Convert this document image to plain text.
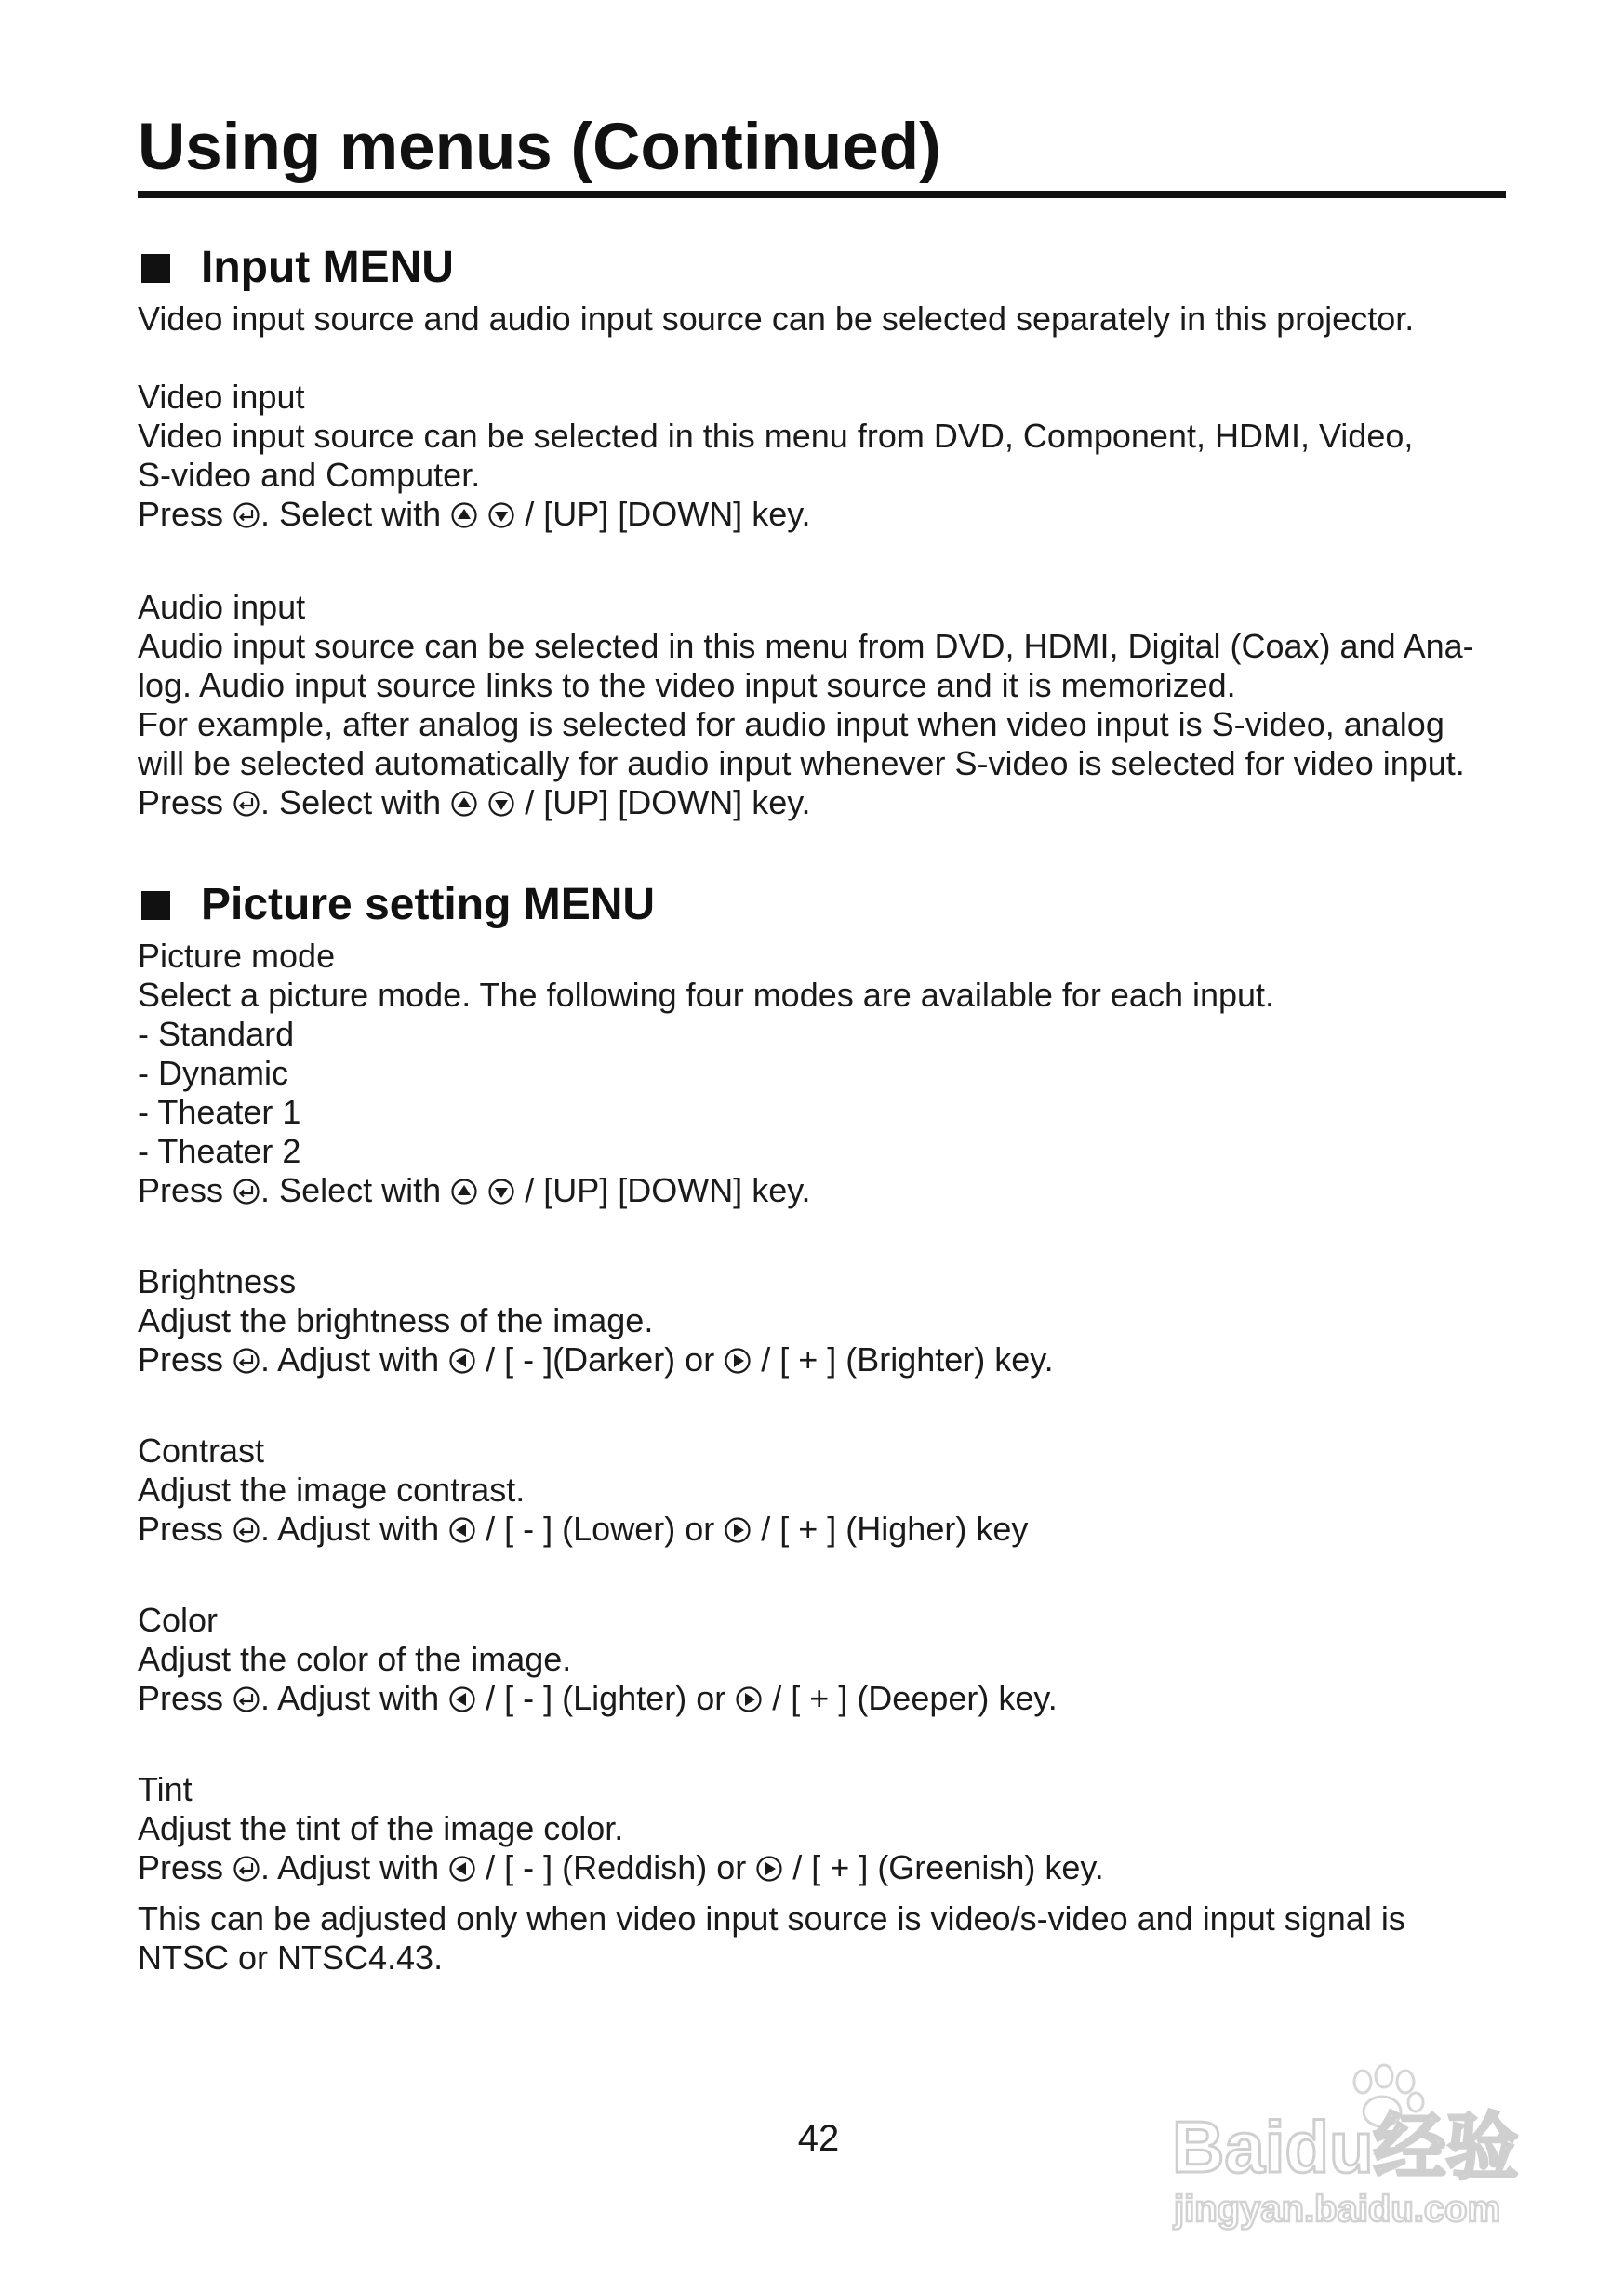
Using menus (Continued)
Input MENU
Video input source and audio input source can be selected separately in this projector.
Video input
Video input source can be selected in this menu from DVD, Component, HDMI, Video,
S-video and Computer.
Press . Select with
	/ [UP] [DOWN] key.
Audio input
Audio input source can be selected in this menu from DVD, HDMI, Digital (Coax) and Ana-
log. Audio input source links to the video input source and it is memorized.
For example, after analog is selected for audio input when video input is S-video, analog
will be selected automatically for audio input whenever S-video is selected for video input.
Press . Select with
	/ [UP] [DOWN] key.
Picture setting MENU
Picture mode
Select a picture mode. The following four modes are available for each input.
- Standard
- Dynamic
- Theater 1
- Theater 2
Press . Select with
	/ [UP] [DOWN] key.
Brightness
Adjust the brightness of the image.
Press . Adjust with / [ - ](Darker) or / [ + ] (Brighter) key.
Contrast
Adjust the image contrast.
Press . Adjust with / [ - ] (Lower) or / [ + ] (Higher) key
Color
Adjust the color of the image.
Press . Adjust with / [ - ] (Lighter) or / [ + ] (Deeper) key.
Tint
Adjust the tint of the image color.
Press . Adjust with / [ - ] (Reddish) or / [ + ] (Greenish) key.
This can be adjusted only when video input source is video/s-video and input signal is
NTSC or NTSC4.43.
42	Baidu经验
jingyan.baidu.com
